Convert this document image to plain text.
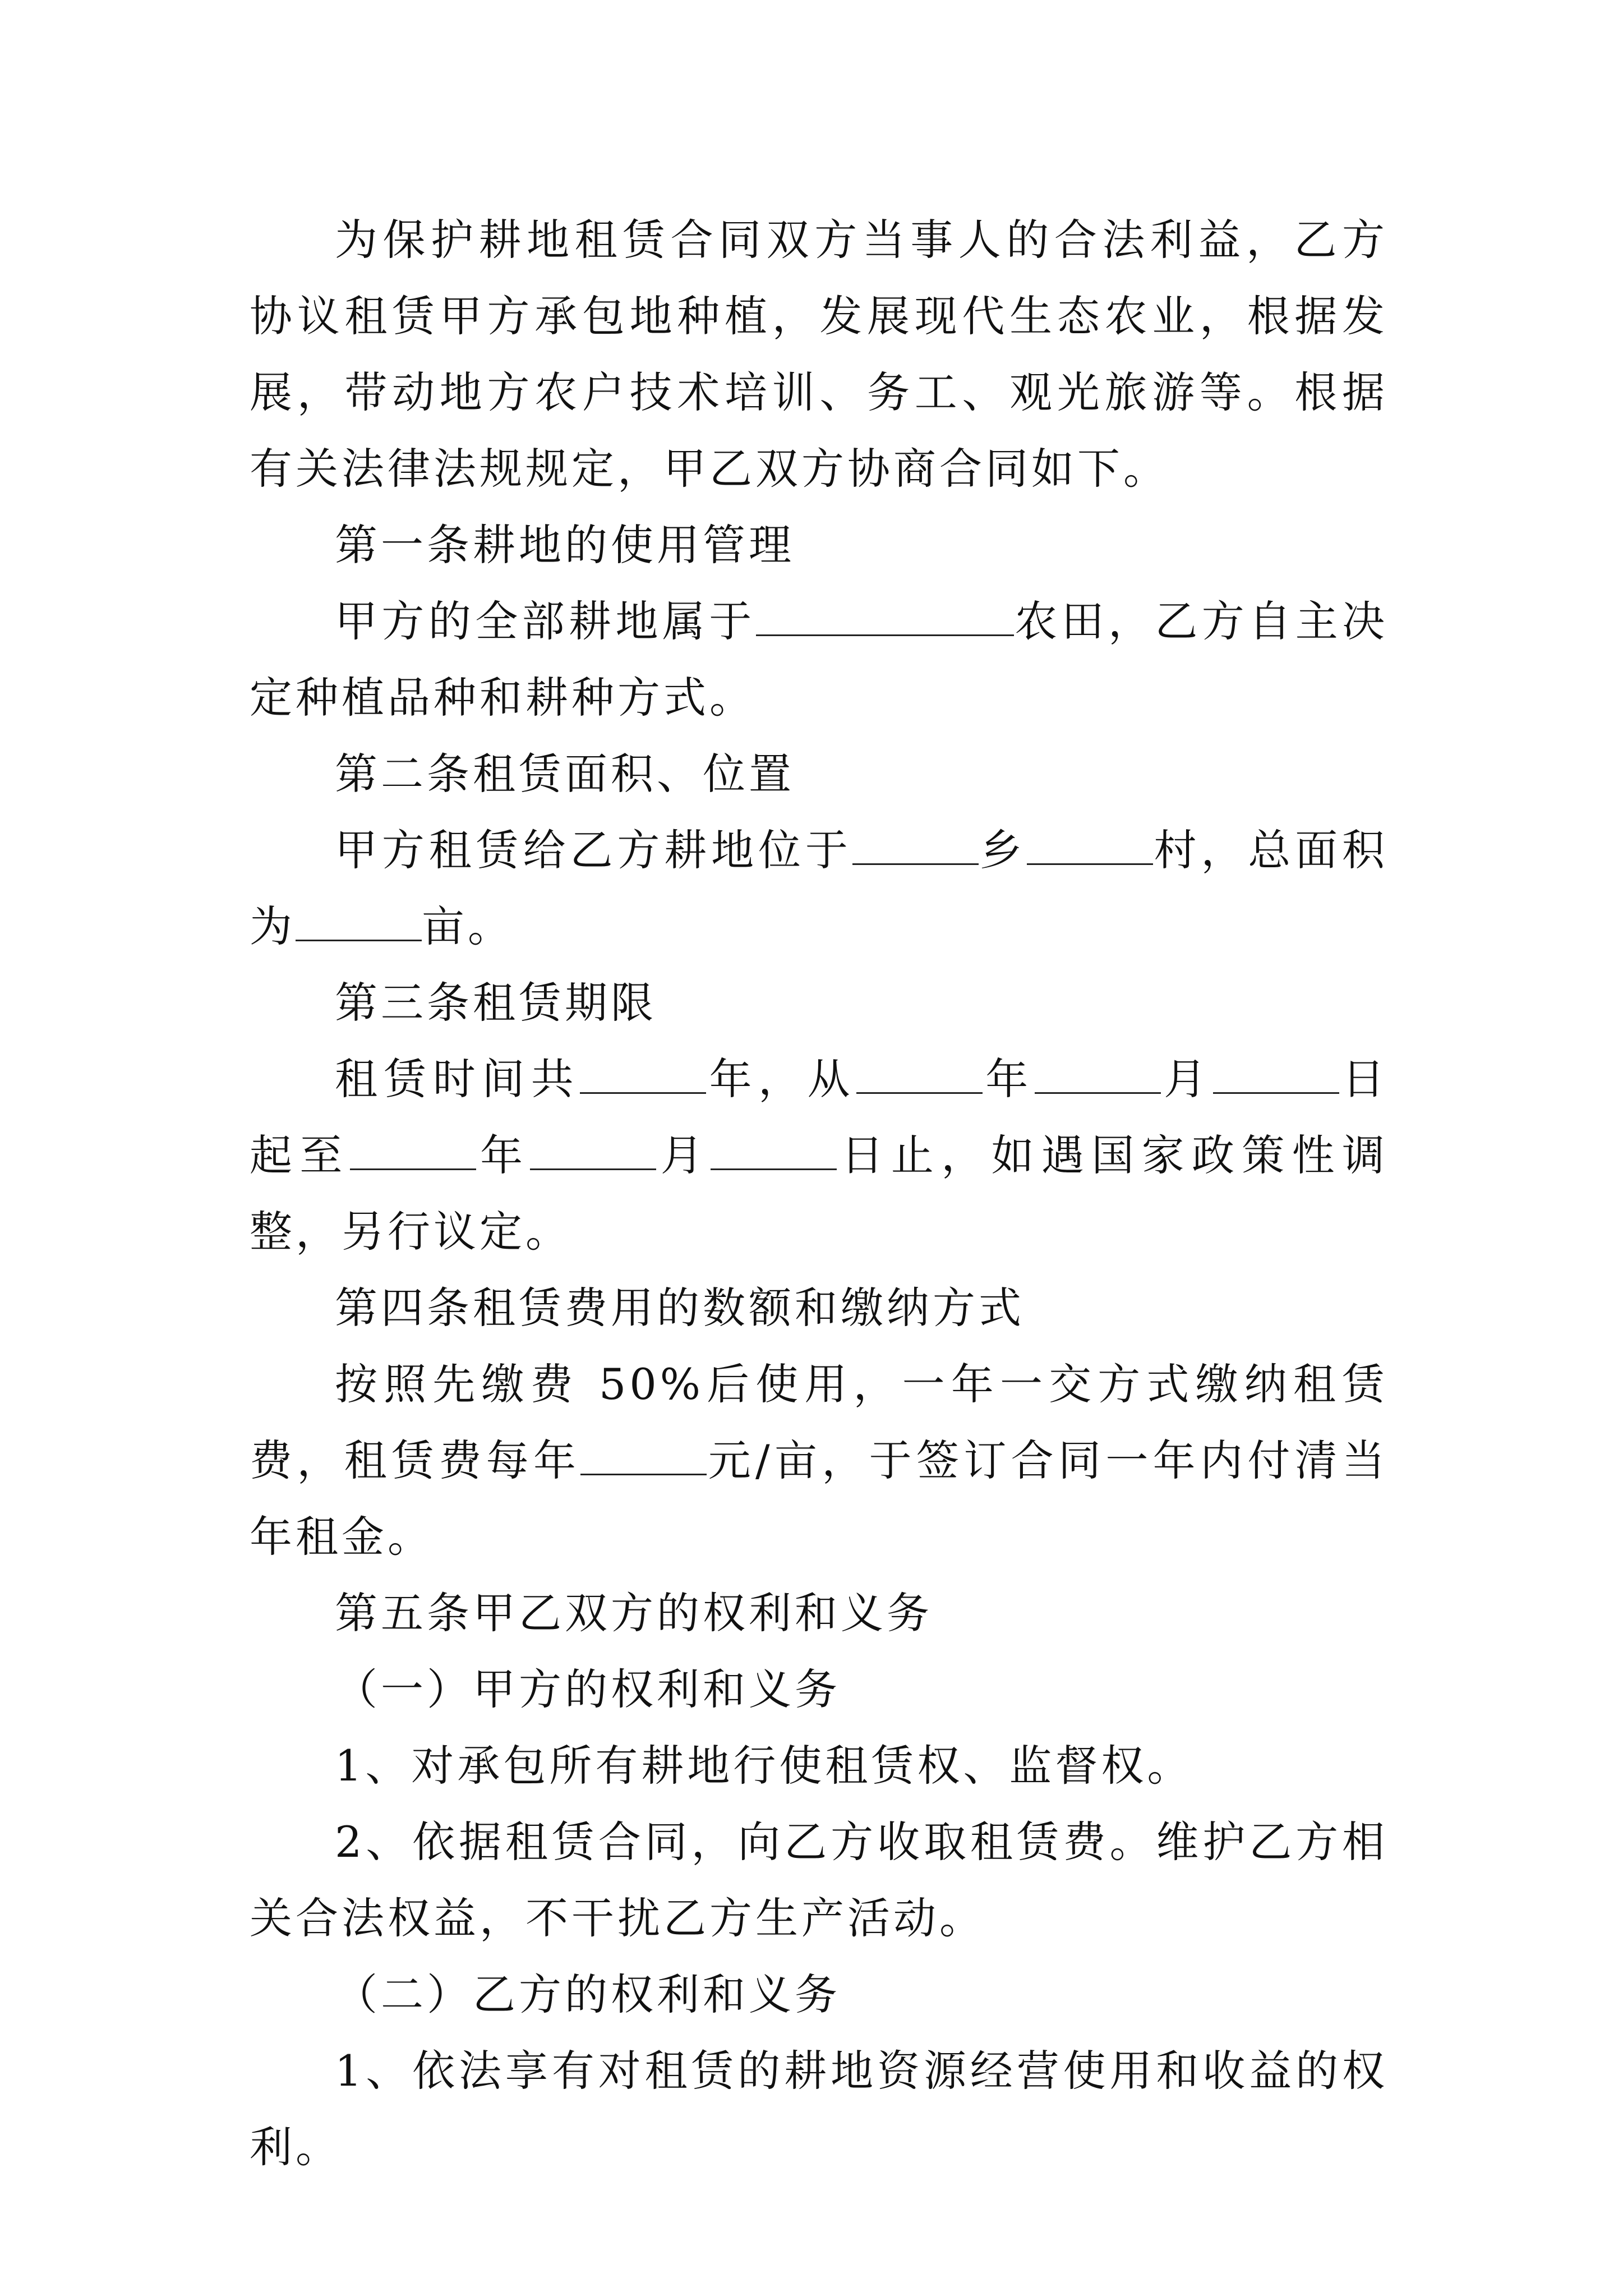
为保护耕地租赁合同双方当事人的合法利益，乙方协议租赁甲方承包地种植，发展现代生态农业，根据发展，带动地方农户技术培训、务工、观光旅游等。根据有关法律法规规定，甲乙双方协商合同如下。

第一条耕地的使用管理

甲方的全部耕地属于	农田，乙方自主决定种植品种和耕种方式。

第二条租赁面积、位置

甲方租赁给乙方耕地位于	乡	村，总面积为	亩。

第三条租赁期限

租赁时间共	年，从	年	月	日起至	年	月	日止，如遇国家政策性调整，另行议定。

第四条租赁费用的数额和缴纳方式

按照先缴费 50%后使用，一年一交方式缴纳租赁费，租赁费每年	元/亩，于签订合同一年内付清当年租金。

第五条甲乙双方的权利和义务

（一）甲方的权利和义务

1、对承包所有耕地行使租赁权、监督权。

2、依据租赁合同，向乙方收取租赁费。维护乙方相关合法权益，不干扰乙方生产活动。

（二）乙方的权利和义务

1、依法享有对租赁的耕地资源经营使用和收益的权利。
